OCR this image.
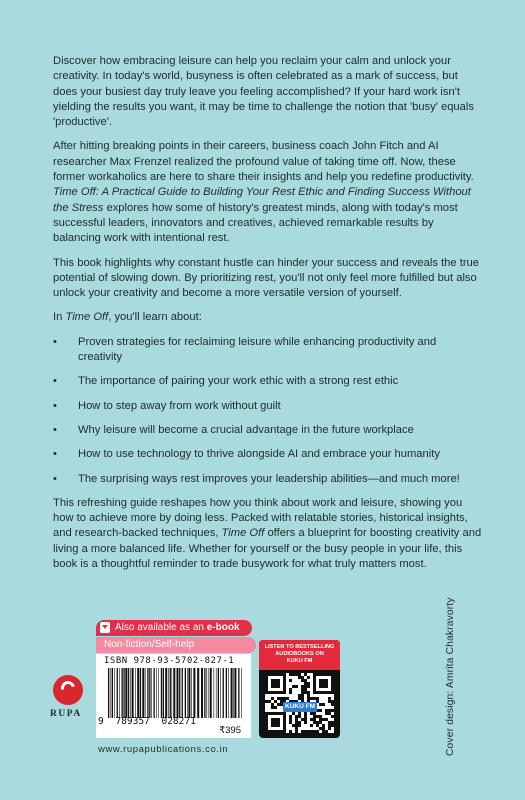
Discover how embracing leisure can help you reclaim your calm and unlock your creativity. In today's world, busyness is often celebrated as a mark of success, but does your busiest day truly leave you feeling accomplished? If your hard work isn't yielding the results you want, it may be time to challenge the notion that 'busy' equals 'productive'.

After hitting breaking points in their careers, business coach John Fitch and AI researcher Max Frenzel realized the profound value of taking time off. Now, these former workaholics are here to share their insights and help you redefine productivity. Time Off: A Practical Guide to Building Your Rest Ethic and Finding Success Without the Stress explores how some of history's greatest minds, along with today's most successful leaders, innovators and creatives, achieved remarkable results by balancing work with intentional rest.

This book highlights why constant hustle can hinder your success and reveals the true potential of slowing down. By prioritizing rest, you'll not only feel more fulfilled but also unlock your creativity and become a more versatile version of yourself.

In Time Off, you'll learn about:

• Proven strategies for reclaiming leisure while enhancing productivity and creativity
• The importance of pairing your work ethic with a strong rest ethic
• How to step away from work without guilt
• Why leisure will become a crucial advantage in the future workplace
• How to use technology to thrive alongside AI and embrace your humanity
• The surprising ways rest improves your leadership abilities—and much more!

This refreshing guide reshapes how you think about work and leisure, showing you how to achieve more by doing less. Packed with relatable stories, historical insights, and research-backed techniques, Time Off offers a blueprint for boosting creativity and living a more balanced life. Whether for yourself or the busy people in your life, this book is a thoughtful reminder to trade busywork for what truly matters most.

Cover design: Amrita Chakravorty
Also available as an e-book
Non-fiction/Self-help
ISBN 978-93-5702-827-1
9 789357 028271
₹395
RUPA
LISTEN TO BESTSELLING
AUDIOBOOKS ON
KUKU FM
KUKU FM
www.rupapublications.co.in
